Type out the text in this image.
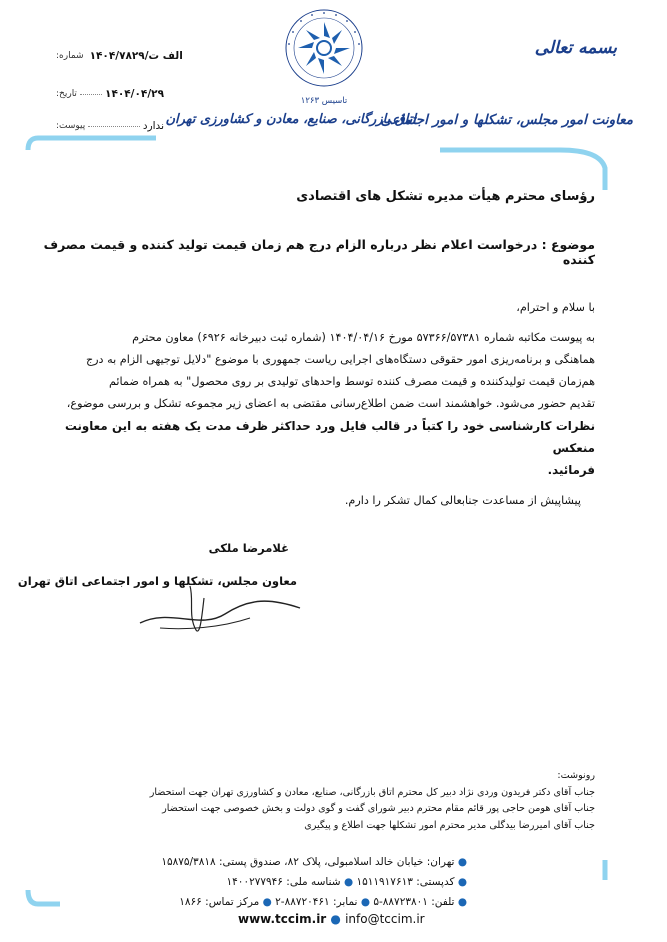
شماره: ۱۴۰۴/۷۸۲۹/الف ت
تاریخ:	۱۴۰۴/۰۴/۲۹
پیوست:	ندارد
تاسیس ۱۲۶۳
اتاق بازرگانی، صنایع، معادن و کشاورزی تهران
بسمه تعالی
معاونت امور مجلس، تشکلها و امور اجتماعی
رؤسای محترم هیأت مدیره تشکل های اقتصادی
موضوع : درخواست اعلام نظر درباره الزام درج هم زمان قیمت تولید کننده و قیمت مصرف کننده
با سلام و احترام،
به پیوست مکاتبه شماره ۵۷۳۶۶/۵۷۳۸۱ مورخ ۱۴۰۴/۰۴/۱۶ (شماره ثبت دبیرخانه ۶۹۲۶) معاون محترم
هماهنگی و برنامه‌ریزی امور حقوقی دستگاه‌های اجرایی ریاست جمهوری با موضوع "دلایل توجیهی الزام به درج
هم‌زمان قیمت تولیدکننده و قیمت مصرف کننده توسط واحدهای تولیدی بر روی محصول" به همراه ضمائم
تقدیم حضور می‌شود. خواهشمند است ضمن اطلاع‌رسانی مقتضی به اعضای زیر مجموعه تشکل و بررسی موضوع،
نظرات کارشناسی خود را کتباً در قالب فایل ورد حداکثر ظرف مدت یک هفته به این معاونت منعکس
فرمائید.
پیشاپیش از مساعدت جنابعالی کمال تشکر را دارم.
غلامرضا ملکی
معاون مجلس، تشکلها و امور اجتماعی اتاق تهران
رونوشت:
جناب آقای دکتر فریدون وردی نژاد دبیر کل محترم اتاق بازرگانی، صنایع، معادن و کشاورزی تهران جهت استحضار
جناب آقای هومن حاجی پور قائم مقام محترم دبیر شورای گفت و گوی دولت و بخش خصوصی جهت استحضار
جناب آقای امیررضا بیدگلی مدیر محترم امور تشکلها جهت اطلاع و پیگیری
● تهران: خیابان خالد اسلامبولی، پلاک ۸۲، صندوق پستی: ۱۵۸۷۵/۳۸۱۸
● کدپستی: ۱۵۱۱۹۱۷۶۱۳ ● شناسه ملی: ۱۴۰۰۲۷۷۹۴۶
● تلفن: ۸۸۷۲۳۸۰۱-۵ ● نمابر: ۸۸۷۲۰۴۶۱-۲ ● مرکز تماس: ۱۸۶۶
www.tccim.ir ● info@tccim.ir
